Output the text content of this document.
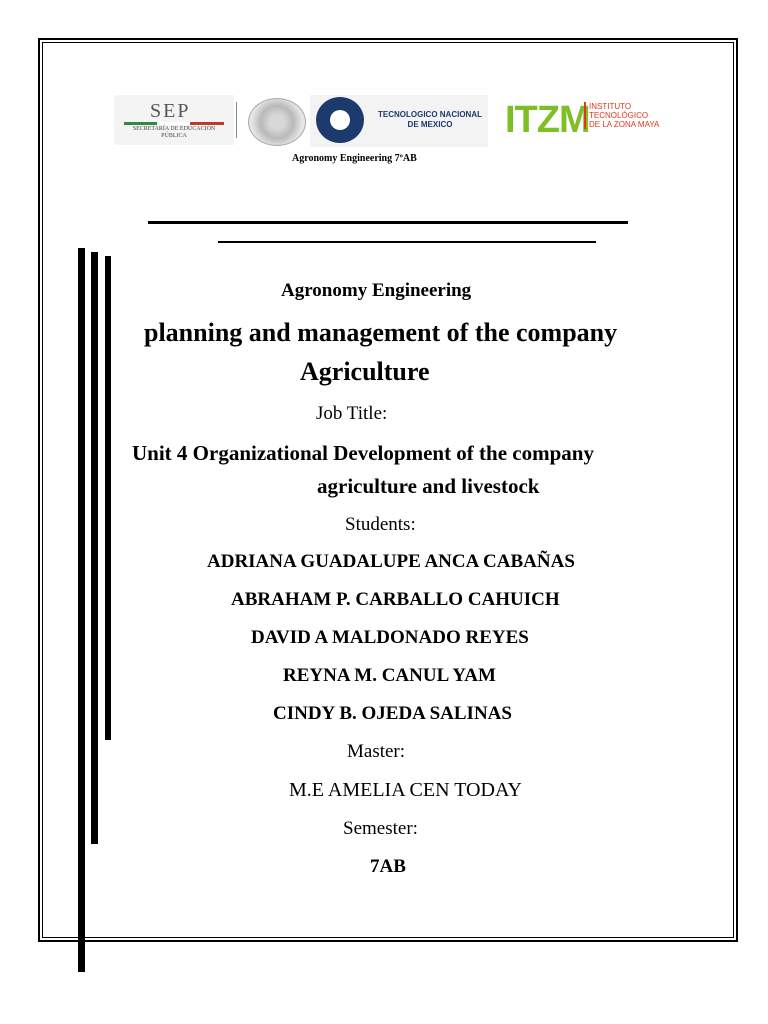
SEP
SECRETARÍA DE EDUCACIÓN PÚBLICA
TECNOLOGICO NACIONAL DE MEXICO	ITZM INSTITUTO TECNOLÓGICO DE LA ZONA MAYA
Agronomy Engineering 7ºAB
Agronomy Engineering
planning and management of the company
Agriculture
Job Title:
Unit 4 Organizational Development of the company
agriculture and livestock
Students:
ADRIANA GUADALUPE ANCA CABAÑAS
ABRAHAM P. CARBALLO CAHUICH
DAVID A MALDONADO REYES
REYNA M. CANUL YAM
CINDY B. OJEDA SALINAS
Master:
M.E AMELIA CEN TODAY
Semester:
7AB
